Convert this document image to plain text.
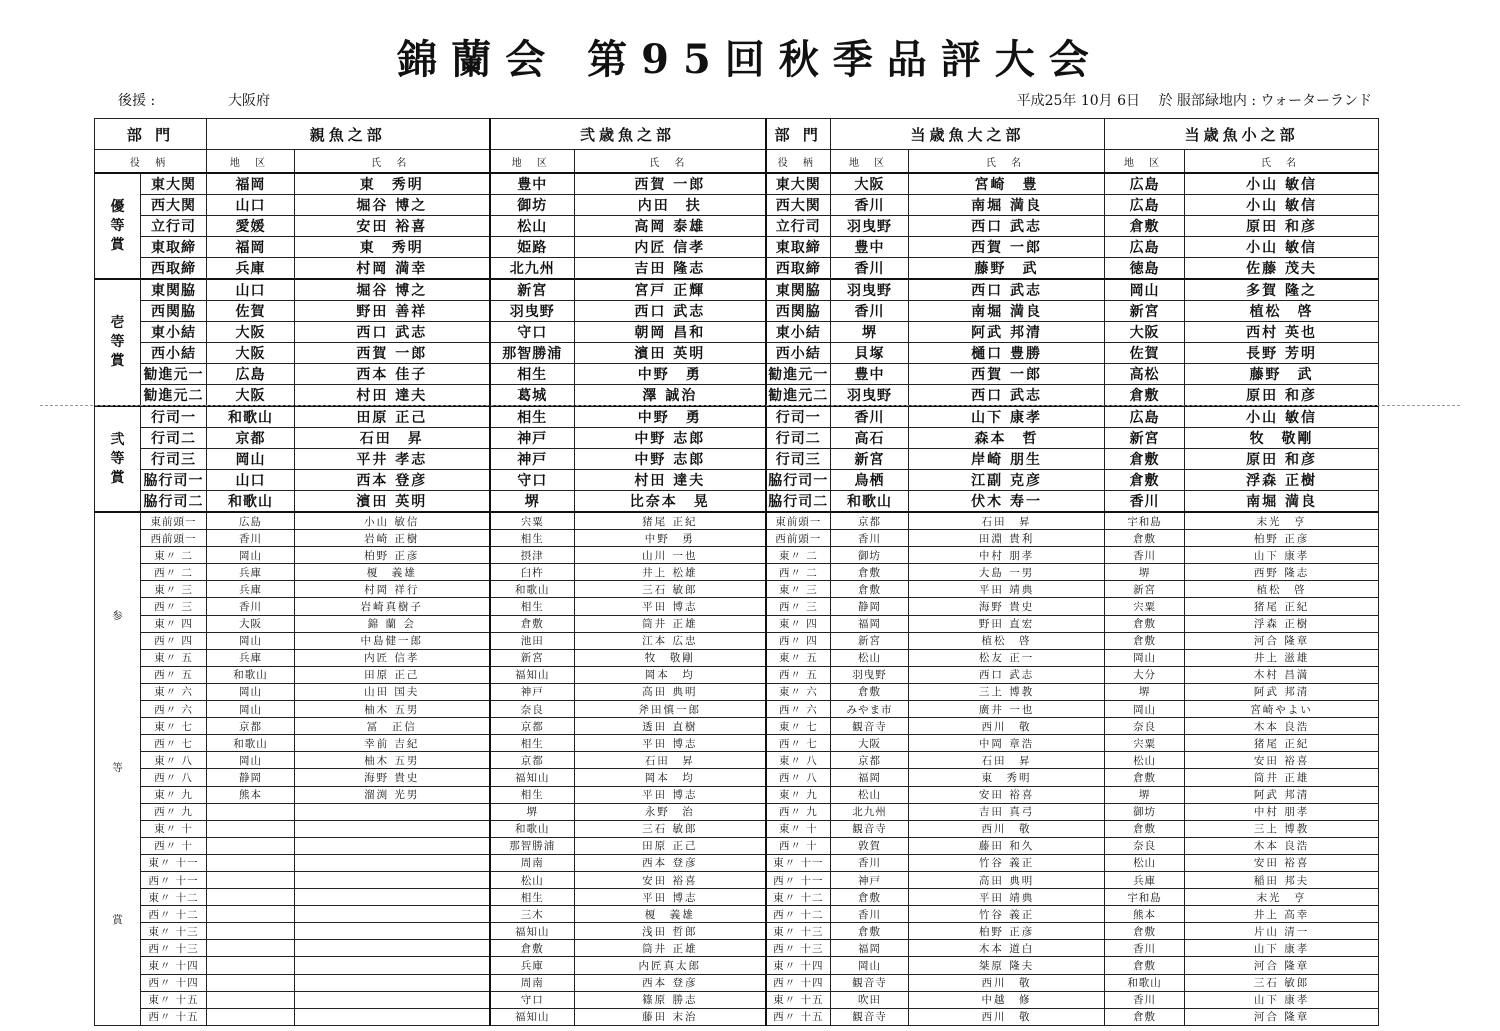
錦蘭会 第95回秋季品評大会
後援 :	大阪府	平成25年 10月 6日　 於 服部緑地内 : ウォーターランド
部 門		親魚之部		弐歳魚之部		部 門	当歳魚大之部		当歳魚小之部	
役 柄		地 区	氏 名	地 区	氏 名	役 柄	地 区	氏 名	地 区	氏 名
優
等
賞	東大関	福岡	東　秀明	豊中	西賀 一郎	東大関	大阪	宮崎　豊	広島	小山 敏信
	西大関	山口	堀谷 博之	御坊	内田　扶	西大関	香川	南堀 満良	広島	小山 敏信
	立行司	愛媛	安田 裕喜	松山	高岡 泰雄	立行司	羽曳野	西口 武志	倉敷	原田 和彦
	東取締	福岡	東　秀明	姫路	内匠 信孝	東取締	豊中	西賀 一郎	広島	小山 敏信
	西取締	兵庫	村岡 満幸	北九州	吉田 隆志	西取締	香川	藤野　武	徳島	佐藤 茂夫
壱
等
賞	東関脇	山口	堀谷 博之	新宮	宮戸 正輝	東関脇	羽曳野	西口 武志	岡山	多賀 隆之
	西関脇	佐賀	野田 善祥	羽曳野	西口 武志	西関脇	香川	南堀 満良	新宮	植松　啓
	東小結	大阪	西口 武志	守口	朝岡 昌和	東小結	堺	阿武 邦清	大阪	西村 英也
	西小結	大阪	西賀 一郎	那智勝浦	濱田 英明	西小結	貝塚	樋口 豊勝	佐賀	長野 芳明
	勧進元一	広島	西本 佳子	相生	中野　勇	勧進元一	豊中	西賀 一郎	高松	藤野　武
	勧進元二	大阪	村田 達夫	葛城	澤 誠治	勧進元二	羽曳野	西口 武志	倉敷	原田 和彦
弐
等
賞	行司一	和歌山	田原 正己	相生	中野　勇	行司一	香川	山下 康孝	広島	小山 敏信
	行司二	京都	石田　昇	神戸	中野 志郎	行司二	高石	森本　哲	新宮	牧　敬剛
	行司三	岡山	平井 孝志	神戸	中野 志郎	行司三	新宮	岸崎 朋生	倉敷	原田 和彦
	脇行司一	山口	西本 登彦	守口	村田 達夫	脇行司一	鳥栖	江副 克彦	倉敷	浮森 正樹
	脇行司二	和歌山	濱田 英明	堺	比奈本　晃	脇行司二	和歌山	伏木 寿一	香川	南堀 満良
参

等

賞	東前頭一	広島	小山 敏信	宍粟	猪尾 正紀	東前頭一	京都	石田　昇	宇和島	末光　亨
	西前頭一	香川	岩崎 正樹	相生	中野　勇	西前頭一	香川	田淵 貴利	倉敷	柏野 正彦
	東〃 二	岡山	柏野 正彦	摂津	山川 一也	東〃 二	御坊	中村 朋孝	香川	山下 康孝
	西〃 二	兵庫	榎　義雄	臼杵	井上 松雄	西〃 二	倉敷	大島 一男	堺	西野 隆志
	東〃 三	兵庫	村岡 祥行	和歌山	三石 敏郎	東〃 三	倉敷	平田 靖典	新宮	植松　啓
	西〃 三	香川	岩崎真樹子	相生	平田 博志	西〃 三	静岡	海野 貴史	宍粟	猪尾 正紀
	東〃 四	大阪	錦 蘭 会	倉敷	筒井 正雄	東〃 四	福岡	野田 直宏	倉敷	浮森 正樹
	西〃 四	岡山	中島健一郎	池田	江本 広忠	西〃 四	新宮	植松　啓	倉敷	河合 隆章
	東〃 五	兵庫	内匠 信孝	新宮	牧　敬剛	東〃 五	松山	松友 正一	岡山	井上 滋雄
	西〃 五	和歌山	田原 正己	福知山	岡本　均	西〃 五	羽曳野	西口 武志	大分	木村 昌満
	東〃 六	岡山	山田 国夫	神戸	高田 典明	東〃 六	倉敷	三上 博教	堺	阿武 邦清
	西〃 六	岡山	柚木 五男	奈良	斧田慎一郎	西〃 六	みやま市	廣井 一也	岡山	宮崎やよい
	東〃 七	京都	冨　正信	京都	透田 直樹	東〃 七	観音寺	西川　敬	奈良	木本 良浩
	西〃 七	和歌山	幸前 吉紀	相生	平田 博志	西〃 七	大阪	中岡 章浩	宍粟	猪尾 正紀
	東〃 八	岡山	柚木 五男	京都	石田　昇	東〃 八	京都	石田　昇	松山	安田 裕喜
	西〃 八	静岡	海野 貴史	福知山	岡本　均	西〃 八	福岡	東　秀明	倉敷	筒井 正雄
	東〃 九	熊本	溜渕 光男	相生	平田 博志	東〃 九	松山	安田 裕喜	堺	阿武 邦清
	西〃 九			堺	永野　治	西〃 九	北九州	吉田 真弓	御坊	中村 朋孝
	東〃 十			和歌山	三石 敏郎	東〃 十	観音寺	西川　敬	倉敷	三上 博教
	西〃 十			那智勝浦	田原 正己	西〃 十	敦賀	藤田 和久	奈良	木本 良浩
	東〃 十一			周南	西本 登彦	東〃 十一	香川	竹谷 義正	松山	安田 裕喜
	西〃 十一			松山	安田 裕喜	西〃 十一	神戸	高田 典明	兵庫	稲田 邦夫
	東〃 十二			相生	平田 博志	東〃 十二	倉敷	平田 靖典	宇和島	末光　亨
	西〃 十二			三木	榎　義雄	西〃 十二	香川	竹谷 義正	熊本	井上 高幸
	東〃 十三			福知山	浅田 哲郎	東〃 十三	倉敷	柏野 正彦	倉敷	片山 清一
	西〃 十三			倉敷	筒井 正雄	西〃 十三	福岡	木本 道白	香川	山下 康孝
	東〃 十四			兵庫	内匠真太郎	東〃 十四	岡山	桀原 隆夫	倉敷	河合 隆章
	西〃 十四			周南	西本 登彦	西〃 十四	観音寺	西川　敬	和歌山	三石 敏郎
	東〃 十五			守口	篠原 勝志	東〃 十五	吹田	中越　修	香川	山下 康孝
	西〃 十五			福知山	藤田 末治	西〃 十五	観音寺	西川　敬	倉敷	河合 隆章
